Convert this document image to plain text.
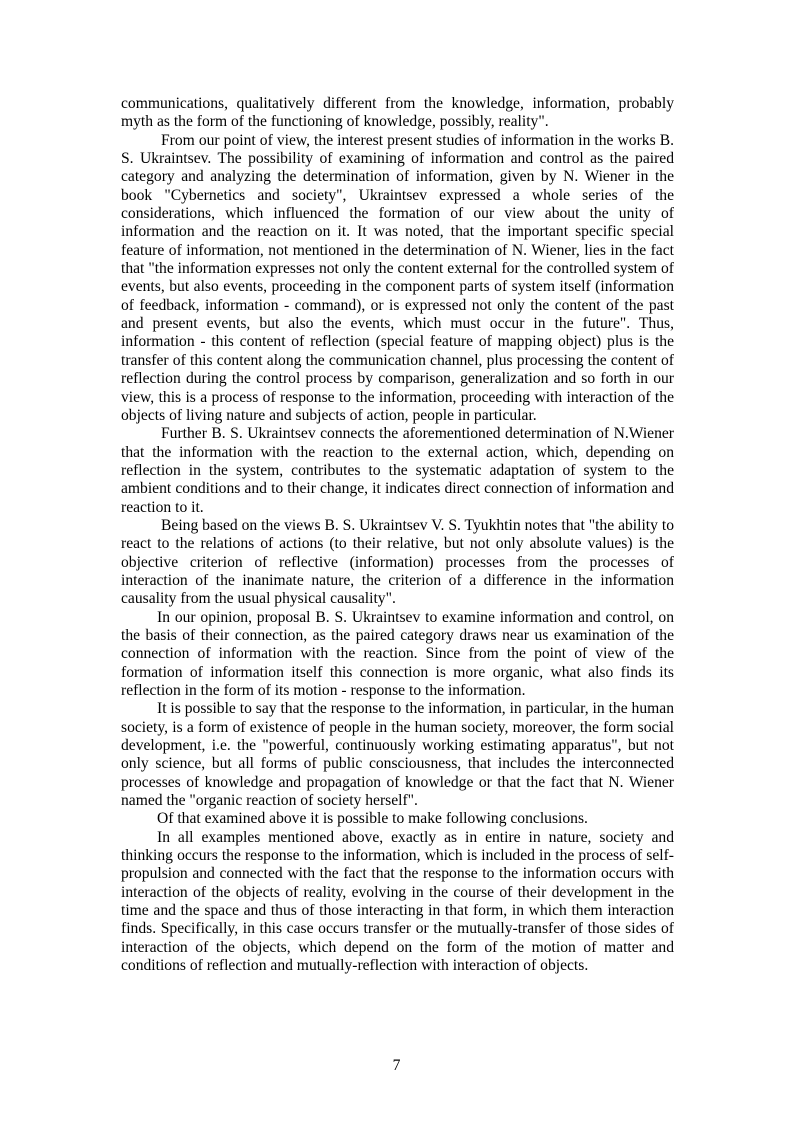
communications, qualitatively different from the knowledge, information, probably myth as the form of the functioning of knowledge, possibly, reality".

From our point of view, the interest present studies of information in the works B. S. Ukraintsev. The possibility of examining of information and control as the paired category and analyzing the determination of information, given by N. Wiener in the book "Cybernetics and society", Ukraintsev expressed a whole series of the considerations, which influenced the formation of our view about the unity of information and the reaction on it. It was noted, that the important specific special feature of information, not mentioned in the determination of N. Wiener, lies in the fact that "the information expresses not only the content external for the controlled system of events, but also events, proceeding in the component parts of system itself (information of feedback, information - command), or is expressed not only the content of the past and present events, but also the events, which must occur in the future". Thus, information - this content of reflection (special feature of mapping object) plus is the transfer of this content along the communication channel, plus processing the content of reflection during the control process by comparison, generalization and so forth in our view, this is a process of response to the information, proceeding with interaction of the objects of living nature and subjects of action, people in particular.

Further B. S. Ukraintsev connects the aforementioned determination of N.Wiener that the information with the reaction to the external action, which, depending on reflection in the system, contributes to the systematic adaptation of system to the ambient conditions and to their change, it indicates direct connection of information and reaction to it.

Being based on the views B. S. Ukraintsev V. S. Tyukhtin notes that "the ability to react to the relations of actions (to their relative, but not only absolute values) is the objective criterion of reflective (information) processes from the processes of interaction of the inanimate nature, the criterion of a difference in the information causality from the usual physical causality".

In our opinion, proposal B. S. Ukraintsev to examine information and control, on the basis of their connection, as the paired category draws near us examination of the connection of information with the reaction. Since from the point of view of the formation of information itself this connection is more organic, what also finds its reflection in the form of its motion - response to the information.

It is possible to say that the response to the information, in particular, in the human society, is a form of existence of people in the human society, moreover, the form social development, i.e. the "powerful, continuously working estimating apparatus", but not only science, but all forms of public consciousness, that includes the interconnected processes of knowledge and propagation of knowledge or that the fact that N. Wiener named the "organic reaction of society herself".

Of that examined above it is possible to make following conclusions.

In all examples mentioned above, exactly as in entire in nature, society and thinking occurs the response to the information, which is included in the process of self-propulsion and connected with the fact that the response to the information occurs with interaction of the objects of reality, evolving in the course of their development in the time and the space and thus of those interacting in that form, in which them interaction finds. Specifically, in this case occurs transfer or the mutually-transfer of those sides of interaction of the objects, which depend on the form of the motion of matter and conditions of reflection and mutually-reflection with interaction of objects.

7
